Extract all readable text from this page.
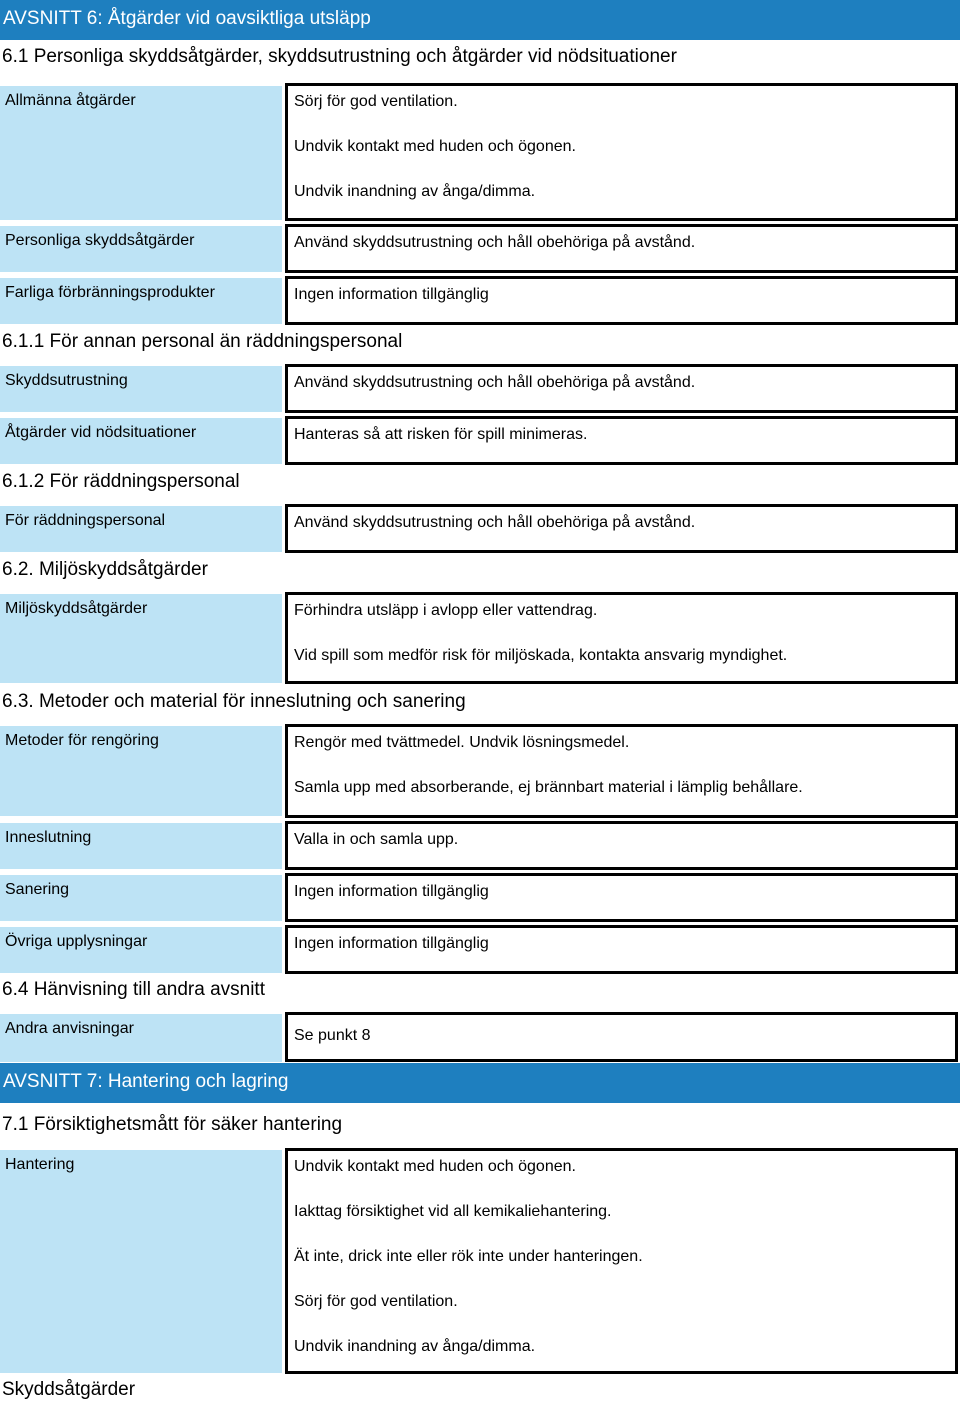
AVSNITT 6: Åtgärder vid oavsiktliga utsläpp
6.1 Personliga skyddsåtgärder, skyddsutrustning och åtgärder vid nödsituationer
Allmänna åtgärder	Sörj för god ventilation.
Undvik kontakt med huden och ögonen.
Undvik inandning av ånga/dimma.
Personliga skyddsåtgärder	Använd skyddsutrustning och håll obehöriga på avstånd.
Farliga förbränningsprodukter	Ingen information tillgänglig
6.1.1 För annan personal än räddningspersonal
Skyddsutrustning	Använd skyddsutrustning och håll obehöriga på avstånd.
Åtgärder vid nödsituationer	Hanteras så att risken för spill minimeras.
6.1.2 För räddningspersonal
För räddningspersonal	Använd skyddsutrustning och håll obehöriga på avstånd.
6.2. Miljöskyddsåtgärder
Miljöskyddsåtgärder	Förhindra utsläpp i avlopp eller vattendrag.
Vid spill som medför risk för miljöskada, kontakta ansvarig myndighet.
6.3. Metoder och material för inneslutning och sanering
Metoder för rengöring	Rengör med tvättmedel. Undvik lösningsmedel.
Samla upp med absorberande, ej brännbart material i lämplig behållare.
Inneslutning	Valla in och samla upp.
Sanering	Ingen information tillgänglig
Övriga upplysningar	Ingen information tillgänglig
6.4 Hänvisning till andra avsnitt
Andra anvisningar	Se punkt 8
AVSNITT 7: Hantering och lagring
7.1 Försiktighetsmått för säker hantering
Hantering	Undvik kontakt med huden och ögonen.
Iakttag försiktighet vid all kemikaliehantering.
Ät inte, drick inte eller rök inte under hanteringen.
Sörj för god ventilation.
Undvik inandning av ånga/dimma.
Skyddsåtgärder
